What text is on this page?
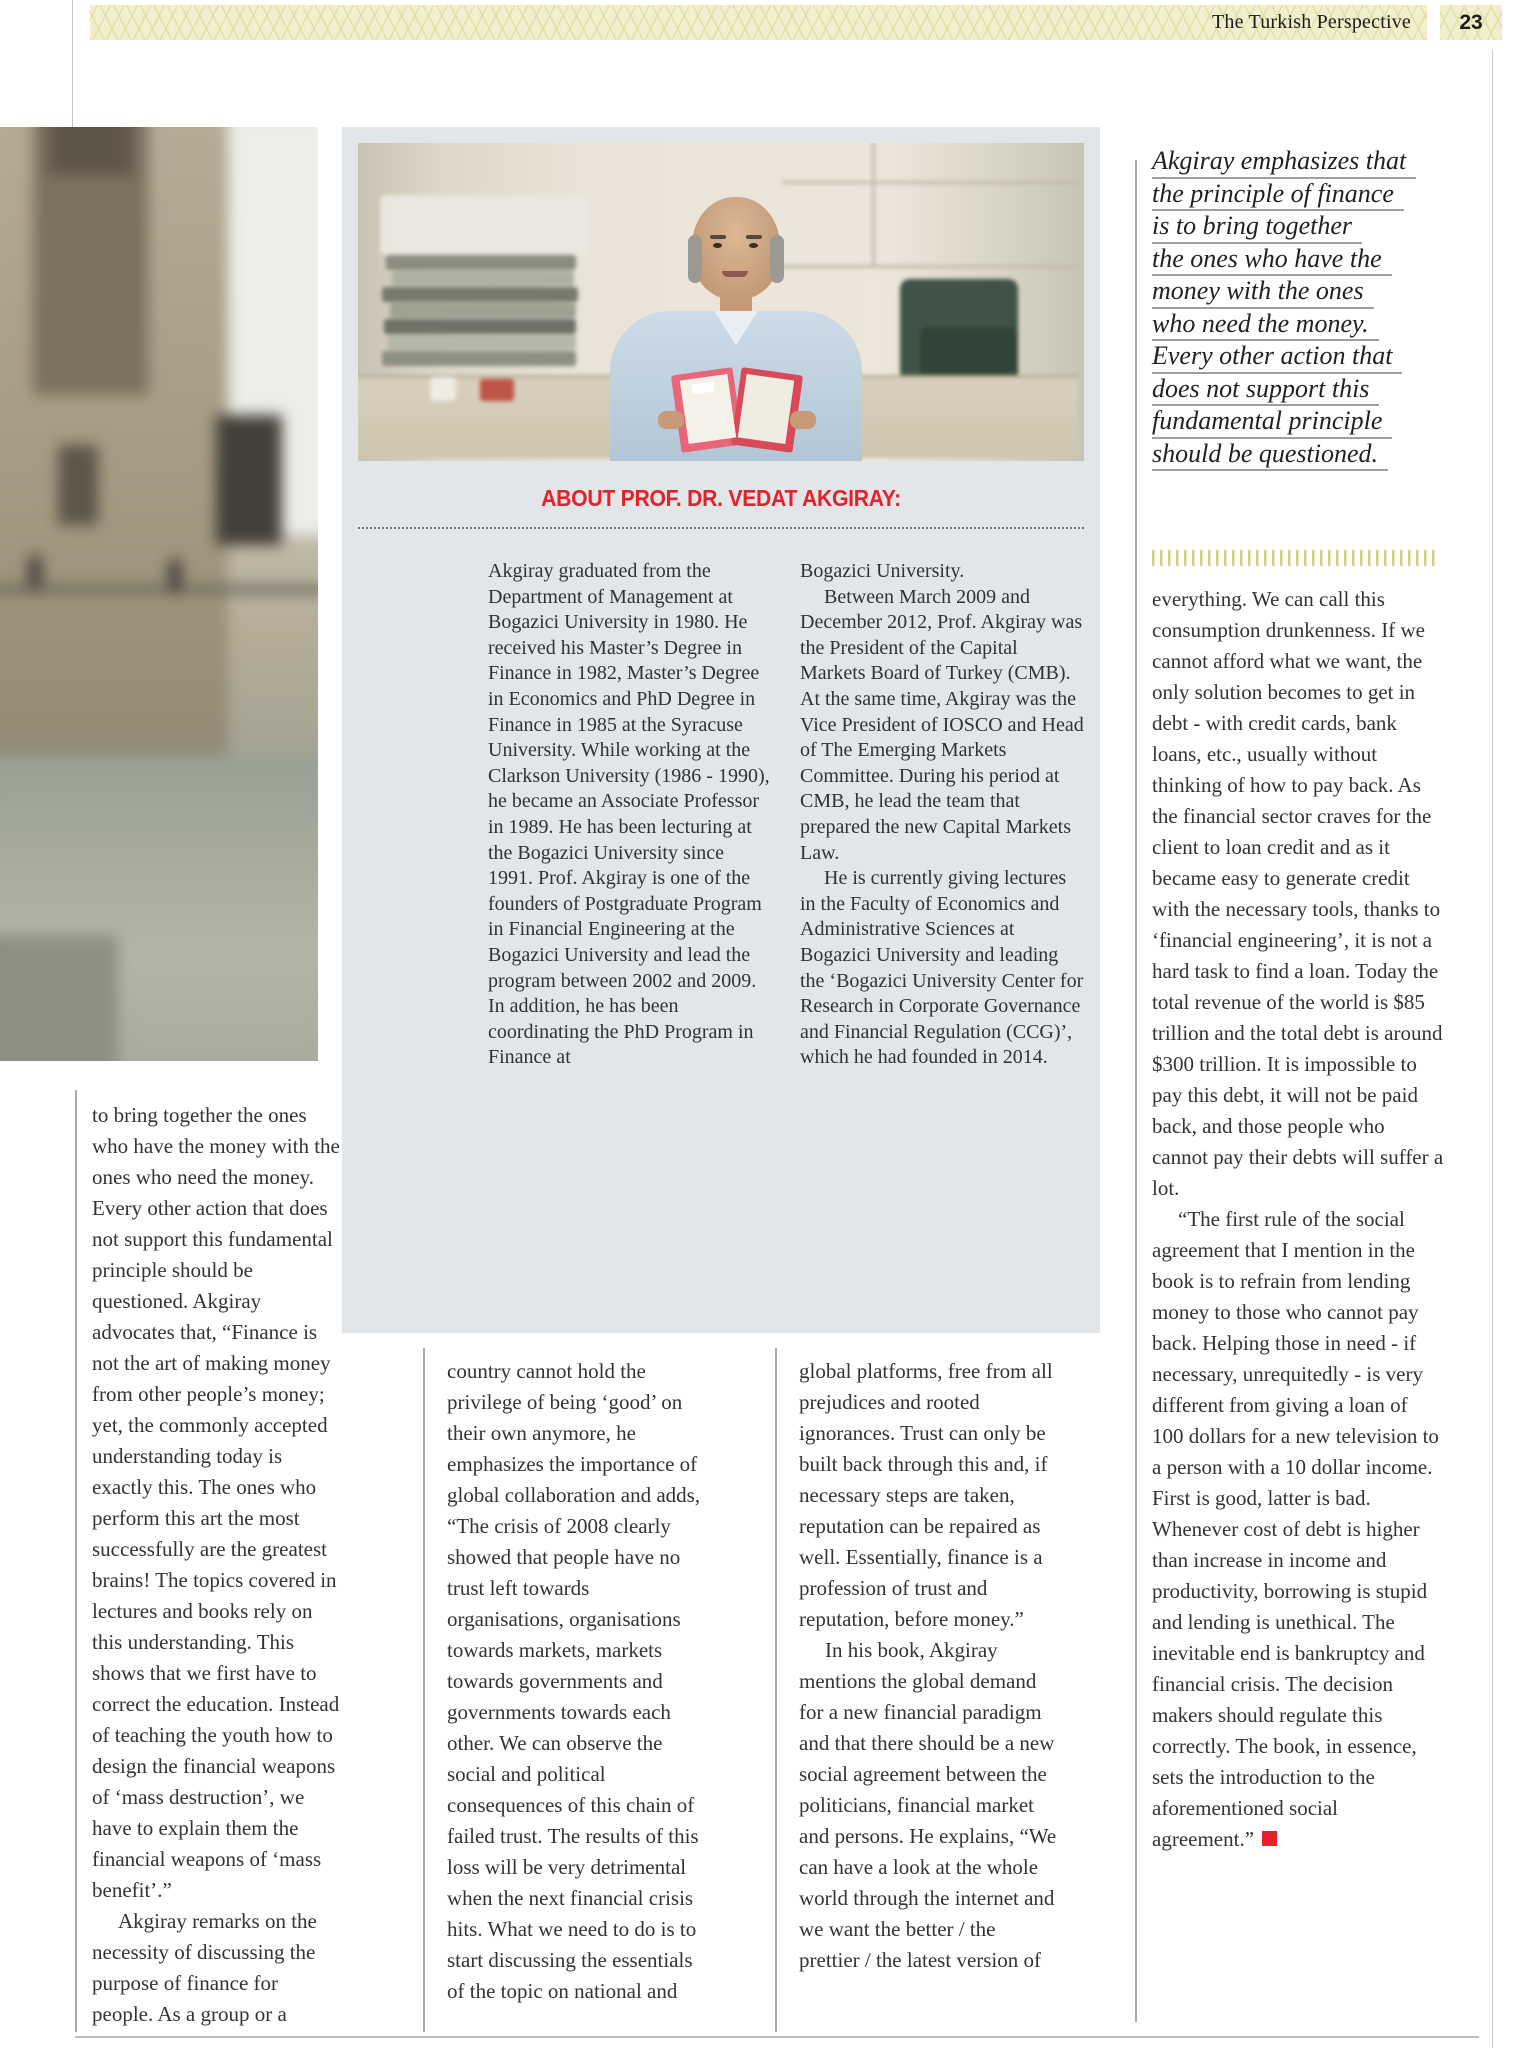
The Turkish Perspective	23
ABOUT PROF. DR. VEDAT AKGIRAY:

Akgiray graduated from the Department of Management at Bogazici University in 1980. He received his Master’s Degree in Finance in 1982, Master’s Degree in Economics and PhD Degree in Finance in 1985 at the Syracuse University. While working at the Clarkson University (1986 - 1990), he became an Associate Professor in 1989. He has been lecturing at the Bogazici University since 1991. Prof. Akgiray is one of the founders of Postgraduate Program in Financial Engineering at the Bogazici University and lead the program between 2002 and 2009. In addition, he has been coordinating the PhD Program in Finance at

Bogazici University.

Between March 2009 and December 2012, Prof. Akgiray was the President of the Capital Markets Board of Turkey (CMB). At the same time, Akgiray was the Vice President of IOSCO and Head of The Emerging Markets Committee. During his period at CMB, he lead the team that prepared the new Capital Markets Law.

He is currently giving lectures in the Faculty of Economics and Administrative Sciences at Bogazici University and leading the ‘Bogazici University Center for Research in Corporate Governance and Financial Regulation (CCG)’, which he had founded in 2014.

Akgiray emphasizes that
the principle of finance
is to bring together
the ones who have the
money with the ones
who need the money.
Every other action that
does not support this
fundamental principle
should be questioned.

to bring together the ones who have the money with the ones who need the money. Every other action that does not support this fundamental principle should be questioned. Akgiray advocates that, “Finance is not the art of making money from other people’s money; yet, the commonly accepted understanding today is exactly this. The ones who perform this art the most successfully are the greatest brains! The topics covered in lectures and books rely on this understanding. This shows that we first have to correct the education. Instead of teaching the youth how to design the financial weapons of ‘mass destruction’, we have to explain them the financial weapons of ‘mass benefit’.”

Akgiray remarks on the necessity of discussing the purpose of finance for people. As a group or a

country cannot hold the privilege of being ‘good’ on their own anymore, he emphasizes the importance of global collaboration and adds, “The crisis of 2008 clearly showed that people have no trust left towards organisations, organisations towards markets, markets towards governments and governments towards each other. We can observe the social and political consequences of this chain of failed trust. The results of this loss will be very detrimental when the next financial crisis hits. What we need to do is to start discussing the essentials of the topic on national and

global platforms, free from all prejudices and rooted ignorances. Trust can only be built back through this and, if necessary steps are taken, reputation can be repaired as well. Essentially, finance is a profession of trust and reputation, before money.”

In his book, Akgiray mentions the global demand for a new financial paradigm and that there should be a new social agreement between the politicians, financial market and persons. He explains, “We can have a look at the whole world through the internet and we want the better / the prettier / the latest version of

everything. We can call this consumption drunkenness. If we cannot afford what we want, the only solution becomes to get in debt - with credit cards, bank loans, etc., usually without thinking of how to pay back. As the financial sector craves for the client to loan credit and as it became easy to generate credit with the necessary tools, thanks to ‘financial engineering’, it is not a hard task to find a loan. Today the total revenue of the world is $85 trillion and the total debt is around $300 trillion. It is impossible to pay this debt, it will not be paid back, and those people who cannot pay their debts will suffer a lot.

“The first rule of the social agreement that I mention in the book is to refrain from lending money to those who cannot pay back. Helping those in need - if necessary, unrequitedly - is very different from giving a loan of 100 dollars for a new television to a person with a 10 dollar income. First is good, latter is bad. Whenever cost of debt is higher than increase in income and productivity, borrowing is stupid and lending is unethical. The inevitable end is bankruptcy and financial crisis. The decision makers should regulate this correctly. The book, in essence, sets the introduction to the aforementioned social agreement.”
